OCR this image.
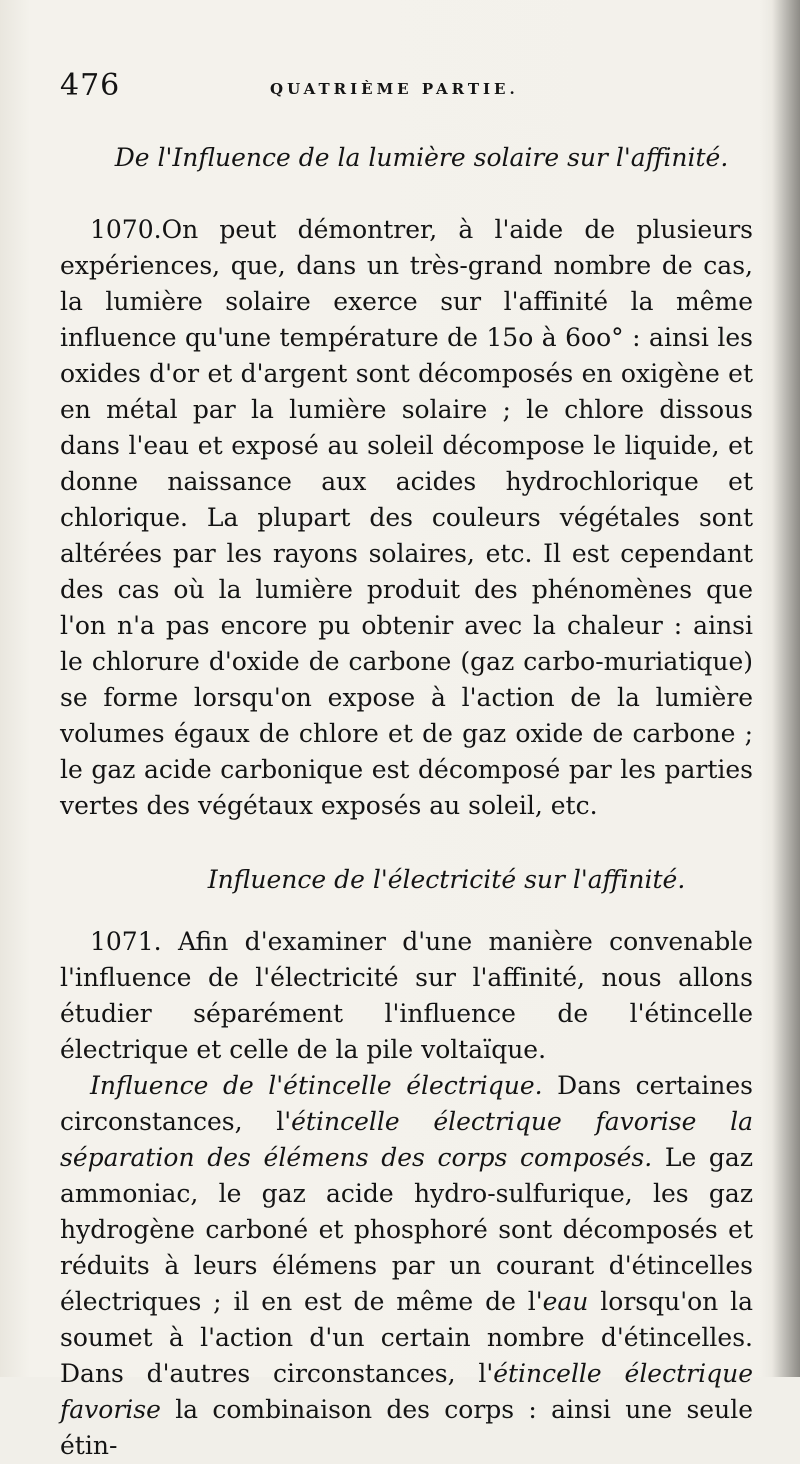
476	QUATRIÈME PARTIE.
De l'Influence de la lumière solaire sur l'affinité.

1070.On peut démontrer, à l'aide de plusieurs expériences, que, dans un très-grand nombre de cas, la lumière solaire exerce sur l'affinité la même influence qu'une température de 15o à 6oo° : ainsi les oxides d'or et d'argent sont décomposés en oxigène et en métal par la lumière solaire ; le chlore dissous dans l'eau et exposé au soleil décompose le liquide, et donne naissance aux acides hydrochlorique et chlorique. La plupart des couleurs végétales sont altérées par les rayons solaires, etc. Il est cependant des cas où la lumière produit des phénomènes que l'on n'a pas encore pu obtenir avec la chaleur : ainsi le chlorure d'oxide de carbone (gaz carbo-muriatique) se forme lorsqu'on expose à l'action de la lumière volumes égaux de chlore et de gaz oxide de carbone ; le gaz acide carbonique est décomposé par les parties vertes des végétaux exposés au soleil, etc.

Influence de l'électricité sur l'affinité.

1071. Afin d'examiner d'une manière convenable l'influence de l'électricité sur l'affinité, nous allons étudier séparément l'influence de l'étincelle électrique et celle de la pile voltaïque.

Influence de l'étincelle électrique. Dans certaines circonstances, l'étincelle électrique favorise la séparation des élémens des corps composés. Le gaz ammoniac, le gaz acide hydro-sulfurique, les gaz hydrogène carboné et phosphoré sont décomposés et réduits à leurs élémens par un courant d'étincelles électriques ; il en est de même de l'eau lorsqu'on la soumet à l'action d'un certain nombre d'étincelles. Dans d'autres circonstances, l'étincelle électrique favorise la combinaison des corps : ainsi une seule étin-
